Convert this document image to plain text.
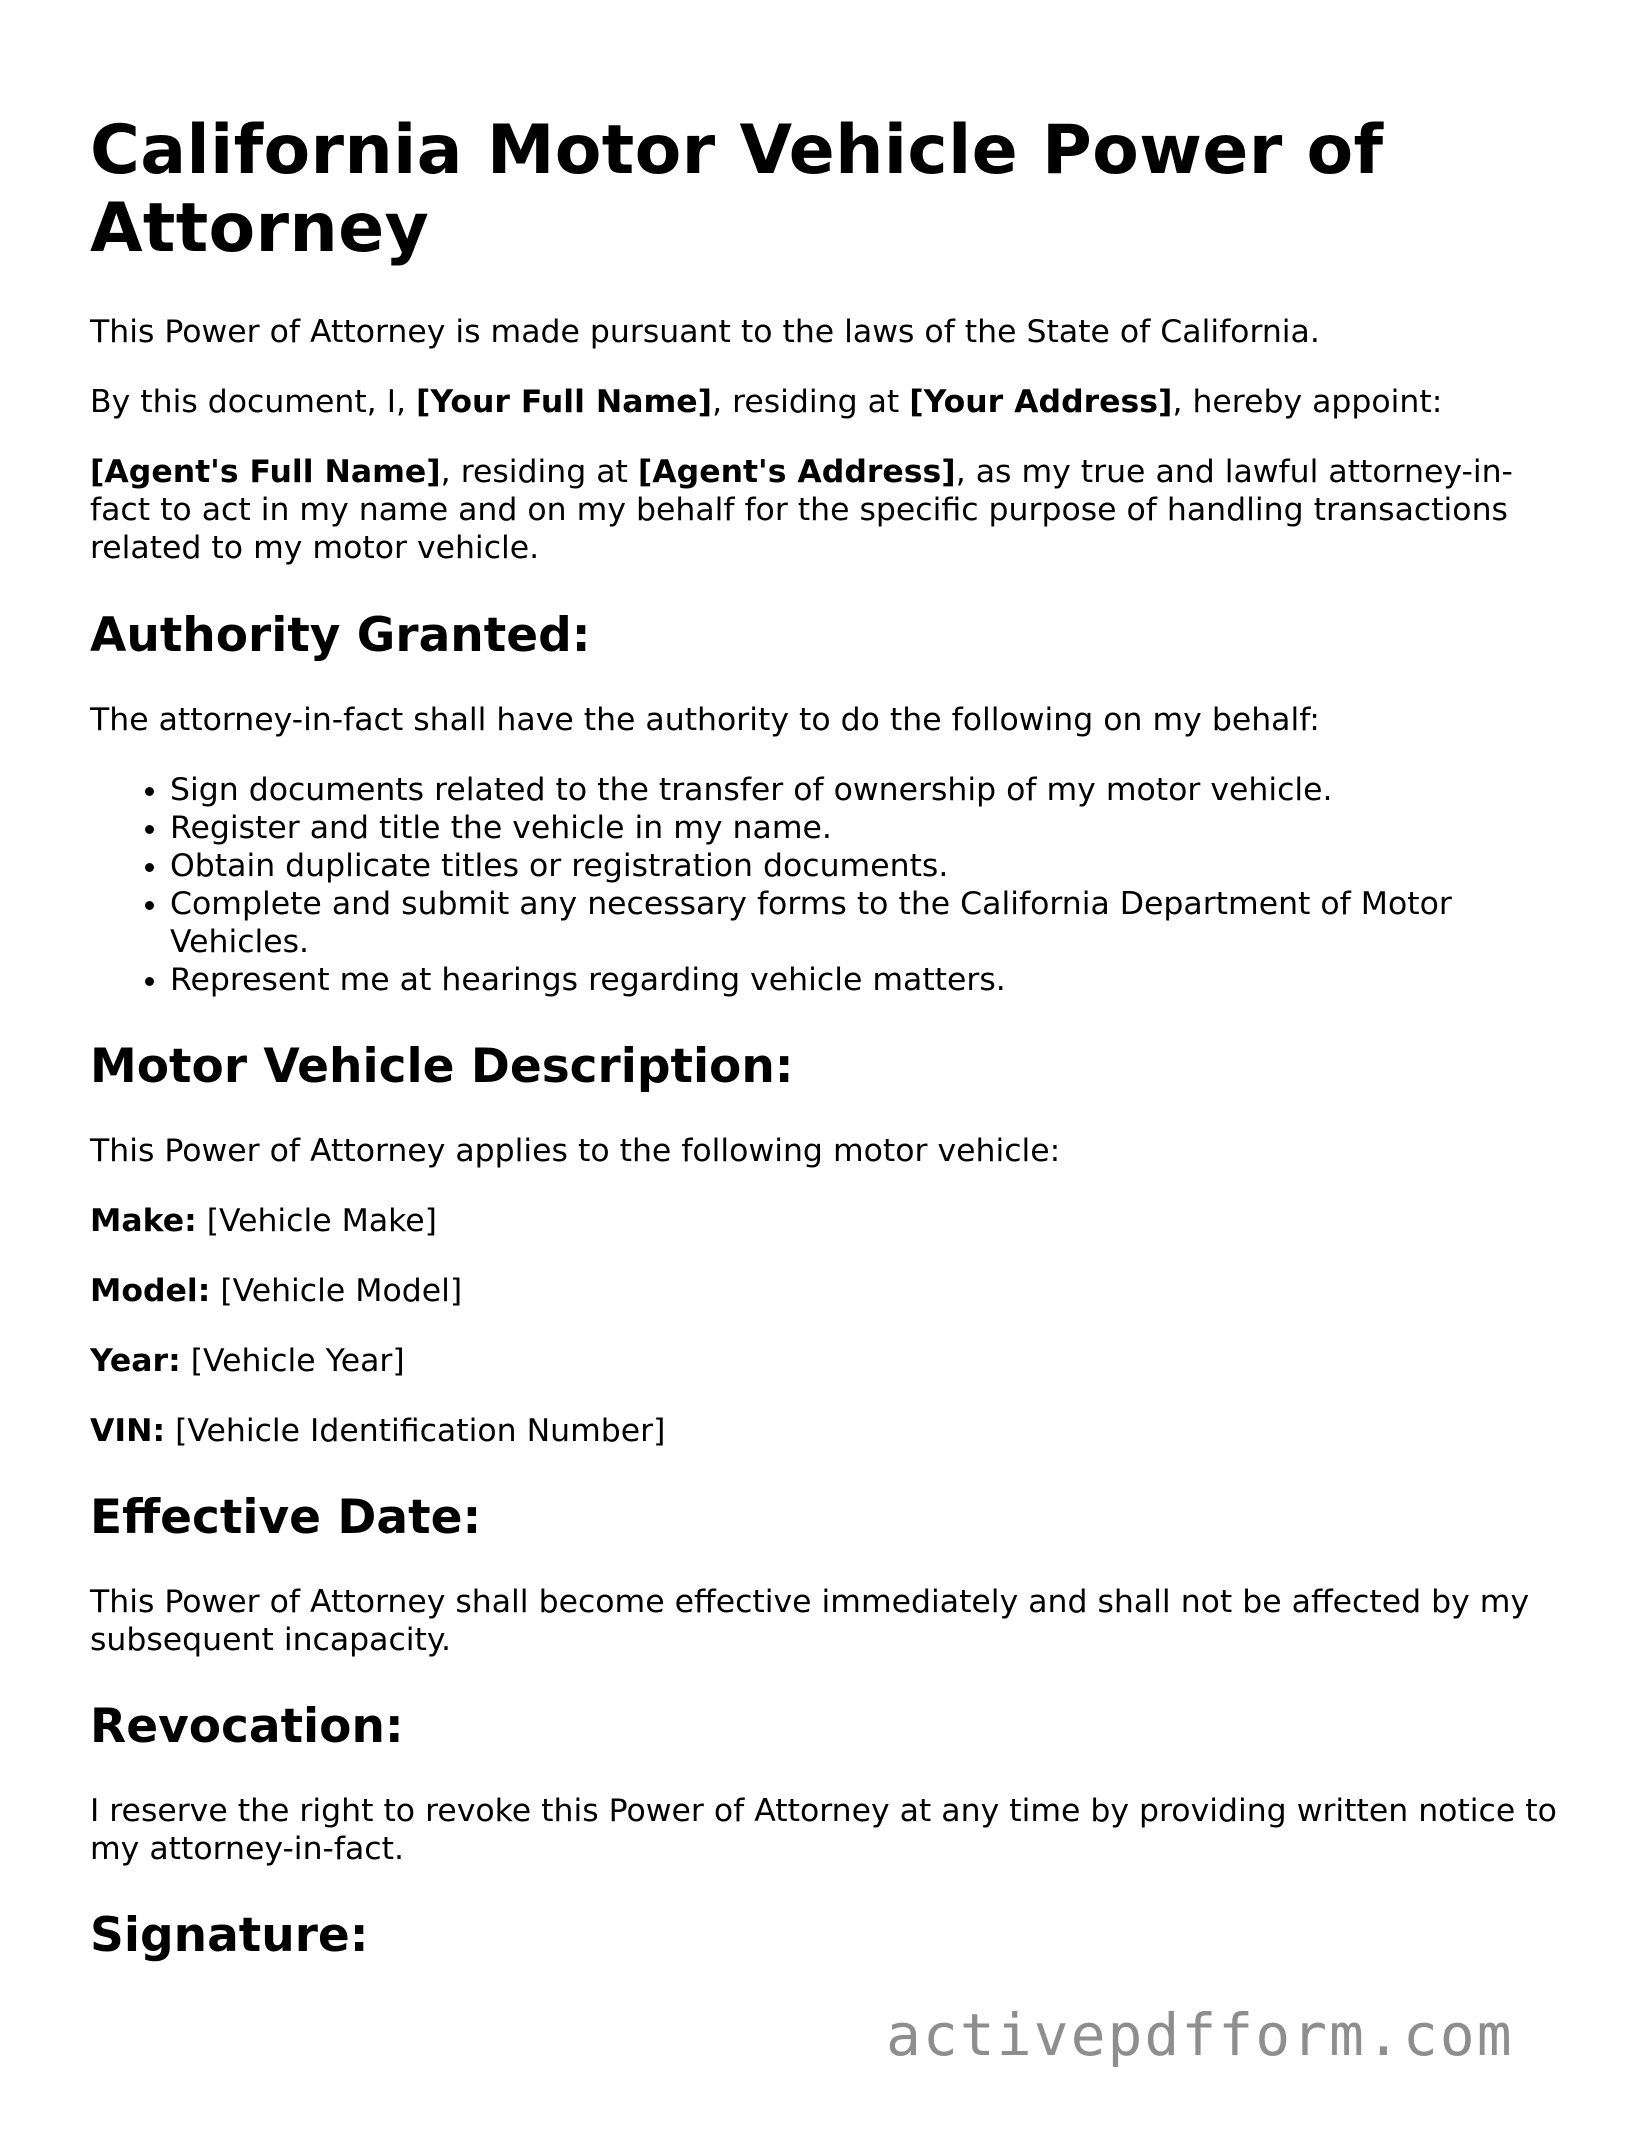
California Motor Vehicle Power of Attorney

This Power of Attorney is made pursuant to the laws of the State of California.

By this document, I, [Your Full Name], residing at [Your Address], hereby appoint:

[Agent's Full Name], residing at [Agent's Address], as my true and lawful attorney-in-fact to act in my name and on my behalf for the specific purpose of handling transactions related to my motor vehicle.

Authority Granted:

The attorney-in-fact shall have the authority to do the following on my behalf:

• Sign documents related to the transfer of ownership of my motor vehicle.
• Register and title the vehicle in my name.
• Obtain duplicate titles or registration documents.
• Complete and submit any necessary forms to the California Department of Motor Vehicles.
• Represent me at hearings regarding vehicle matters.
Motor Vehicle Description:

This Power of Attorney applies to the following motor vehicle:

Make: [Vehicle Make]

Model: [Vehicle Model]

Year: [Vehicle Year]

VIN: [Vehicle Identification Number]

Effective Date:

This Power of Attorney shall become effective immediately and shall not be affected by my subsequent incapacity.

Revocation:

I reserve the right to revoke this Power of Attorney at any time by providing written notice to my attorney-in-fact.

Signature:
activepdfform.com
